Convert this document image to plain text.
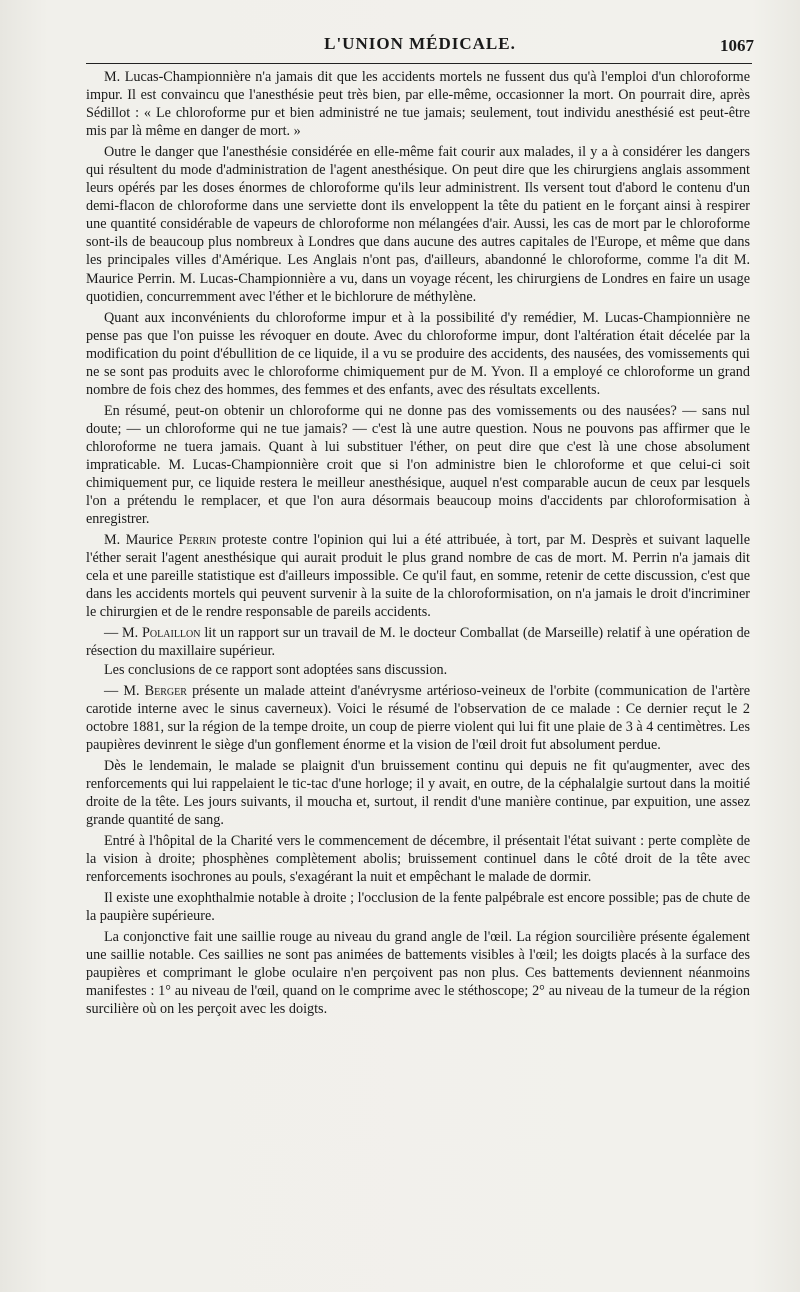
L'UNION MÉDICALE.	1067

M. Lucas-Championnière n'a jamais dit que les accidents mortels ne fussent dus qu'à l'emploi d'un chloroforme impur. Il est convaincu que l'anesthésie peut très bien, par elle-même, occasionner la mort. On pourrait dire, après Sédillot : « Le chloroforme pur et bien administré ne tue jamais; seulement, tout individu anesthésié est peut-être mis par là même en danger de mort. »

Outre le danger que l'anesthésie considérée en elle-même fait courir aux malades, il y a à considérer les dangers qui résultent du mode d'administration de l'agent anesthésique. On peut dire que les chirurgiens anglais assomment leurs opérés par les doses énormes de chloroforme qu'ils leur administrent. Ils versent tout d'abord le contenu d'un demi-flacon de chloroforme dans une serviette dont ils enveloppent la tête du patient en le forçant ainsi à respirer une quantité considérable de vapeurs de chloroforme non mélangées d'air. Aussi, les cas de mort par le chloroforme sont-ils de beaucoup plus nombreux à Londres que dans aucune des autres capitales de l'Europe, et même que dans les principales villes d'Amérique. Les Anglais n'ont pas, d'ailleurs, abandonné le chloroforme, comme l'a dit M. Maurice Perrin. M. Lucas-Championnière a vu, dans un voyage récent, les chirurgiens de Londres en faire un usage quotidien, concurremment avec l'éther et le bichlorure de méthylène.

Quant aux inconvénients du chloroforme impur et à la possibilité d'y remédier, M. Lucas-Championnière ne pense pas que l'on puisse les révoquer en doute. Avec du chloroforme impur, dont l'altération était décelée par la modification du point d'ébullition de ce liquide, il a vu se produire des accidents, des nausées, des vomissements qui ne se sont pas produits avec le chloroforme chimiquement pur de M. Yvon. Il a employé ce chloroforme un grand nombre de fois chez des hommes, des femmes et des enfants, avec des résultats excellents.

En résumé, peut-on obtenir un chloroforme qui ne donne pas des vomissements ou des nausées? — sans nul doute; — un chloroforme qui ne tue jamais? — c'est là une autre question. Nous ne pouvons pas affirmer que le chloroforme ne tuera jamais. Quant à lui substituer l'éther, on peut dire que c'est là une chose absolument impraticable. M. Lucas-Championnière croit que si l'on administre bien le chloroforme et que celui-ci soit chimiquement pur, ce liquide restera le meilleur anesthésique, auquel n'est comparable aucun de ceux par lesquels l'on a prétendu le remplacer, et que l'on aura désormais beaucoup moins d'accidents par chloroformisation à enregistrer.

M. Maurice Perrin proteste contre l'opinion qui lui a été attribuée, à tort, par M. Desprès et suivant laquelle l'éther serait l'agent anesthésique qui aurait produit le plus grand nombre de cas de mort. M. Perrin n'a jamais dit cela et une pareille statistique est d'ailleurs impossible. Ce qu'il faut, en somme, retenir de cette discussion, c'est que dans les accidents mortels qui peuvent survenir à la suite de la chloroformisation, on n'a jamais le droit d'incriminer le chirurgien et de le rendre responsable de pareils accidents.

— M. Polaillon lit un rapport sur un travail de M. le docteur Comballat (de Marseille) relatif à une opération de résection du maxillaire supérieur.

Les conclusions de ce rapport sont adoptées sans discussion.

— M. Berger présente un malade atteint d'anévrysme artérioso-veineux de l'orbite (communication de l'artère carotide interne avec le sinus caverneux). Voici le résumé de l'observation de ce malade : Ce dernier reçut le 2 octobre 1881, sur la région de la tempe droite, un coup de pierre violent qui lui fit une plaie de 3 à 4 centimètres. Les paupières devinrent le siège d'un gonflement énorme et la vision de l'œil droit fut absolument perdue.

Dès le lendemain, le malade se plaignit d'un bruissement continu qui depuis ne fit qu'augmenter, avec des renforcements qui lui rappelaient le tic-tac d'une horloge; il y avait, en outre, de la céphalalgie surtout dans la moitié droite de la tête. Les jours suivants, il moucha et, surtout, il rendit d'une manière continue, par expuition, une assez grande quantité de sang.

Entré à l'hôpital de la Charité vers le commencement de décembre, il présentait l'état suivant : perte complète de la vision à droite; phosphènes complètement abolis; bruissement continuel dans le côté droit de la tête avec renforcements isochrones au pouls, s'exagérant la nuit et empêchant le malade de dormir.

Il existe une exophthalmie notable à droite ; l'occlusion de la fente palpébrale est encore possible; pas de chute de la paupière supérieure.

La conjonctive fait une saillie rouge au niveau du grand angle de l'œil. La région sourcilière présente également une saillie notable. Ces saillies ne sont pas animées de battements visibles à l'œil; les doigts placés à la surface des paupières et comprimant le globe oculaire n'en perçoivent pas non plus. Ces battements deviennent néanmoins manifestes : 1° au niveau de l'œil, quand on le comprime avec le stéthoscope; 2° au niveau de la tumeur de la région surcilière où on les perçoit avec les doigts.
